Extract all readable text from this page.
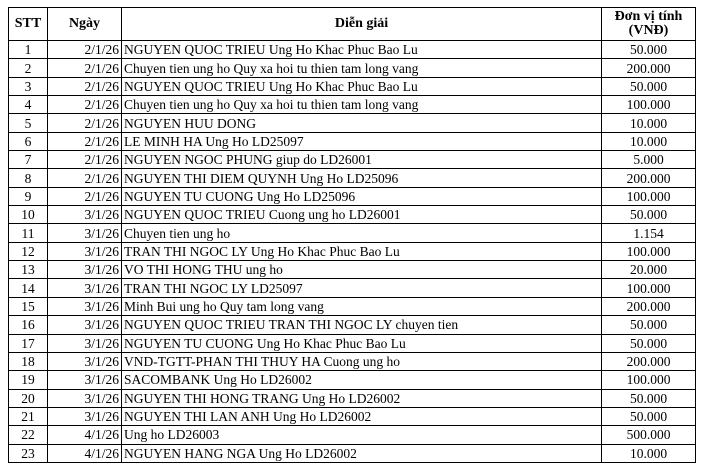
STT	Ngày	Diễn giải	Đơn vị tính
(VNĐ)
1	2/1/26	NGUYEN QUOC TRIEU Ung Ho Khac Phuc Bao Lu	50.000
2	2/1/26	Chuyen tien ung ho Quy xa hoi tu thien tam long vang	200.000
3	2/1/26	NGUYEN QUOC TRIEU Ung Ho Khac Phuc Bao Lu	50.000
4	2/1/26	Chuyen tien ung ho Quy xa hoi tu thien tam long vang	100.000
5	2/1/26	NGUYEN HUU DONG	10.000
6	2/1/26	LE MINH HA Ung Ho LD25097	10.000
7	2/1/26	NGUYEN NGOC PHUNG giup do LD26001	5.000
8	2/1/26	NGUYEN THI DIEM QUYNH Ung Ho LD25096	200.000
9	2/1/26	NGUYEN TU CUONG Ung Ho LD25096	100.000
10	3/1/26	NGUYEN QUOC TRIEU Cuong ung ho LD26001	50.000
11	3/1/26	Chuyen tien ung ho	1.154
12	3/1/26	TRAN THI NGOC LY Ung Ho Khac Phuc Bao Lu	100.000
13	3/1/26	VO THI HONG THU ung ho	20.000
14	3/1/26	TRAN THI NGOC LY LD25097	100.000
15	3/1/26	Minh Bui ung ho Quy tam long vang	200.000
16	3/1/26	NGUYEN QUOC TRIEU TRAN THI NGOC LY chuyen tien	50.000
17	3/1/26	NGUYEN TU CUONG Ung Ho Khac Phuc Bao Lu	50.000
18	3/1/26	VND-TGTT-PHAN THI THUY HA Cuong ung ho	200.000
19	3/1/26	SACOMBANK Ung Ho LD26002	100.000
20	3/1/26	NGUYEN THI HONG TRANG Ung Ho LD26002	50.000
21	3/1/26	NGUYEN THI LAN ANH Ung Ho LD26002	50.000
22	4/1/26	Ung ho LD26003	500.000
23	4/1/26	NGUYEN HANG NGA Ung Ho LD26002	10.000
